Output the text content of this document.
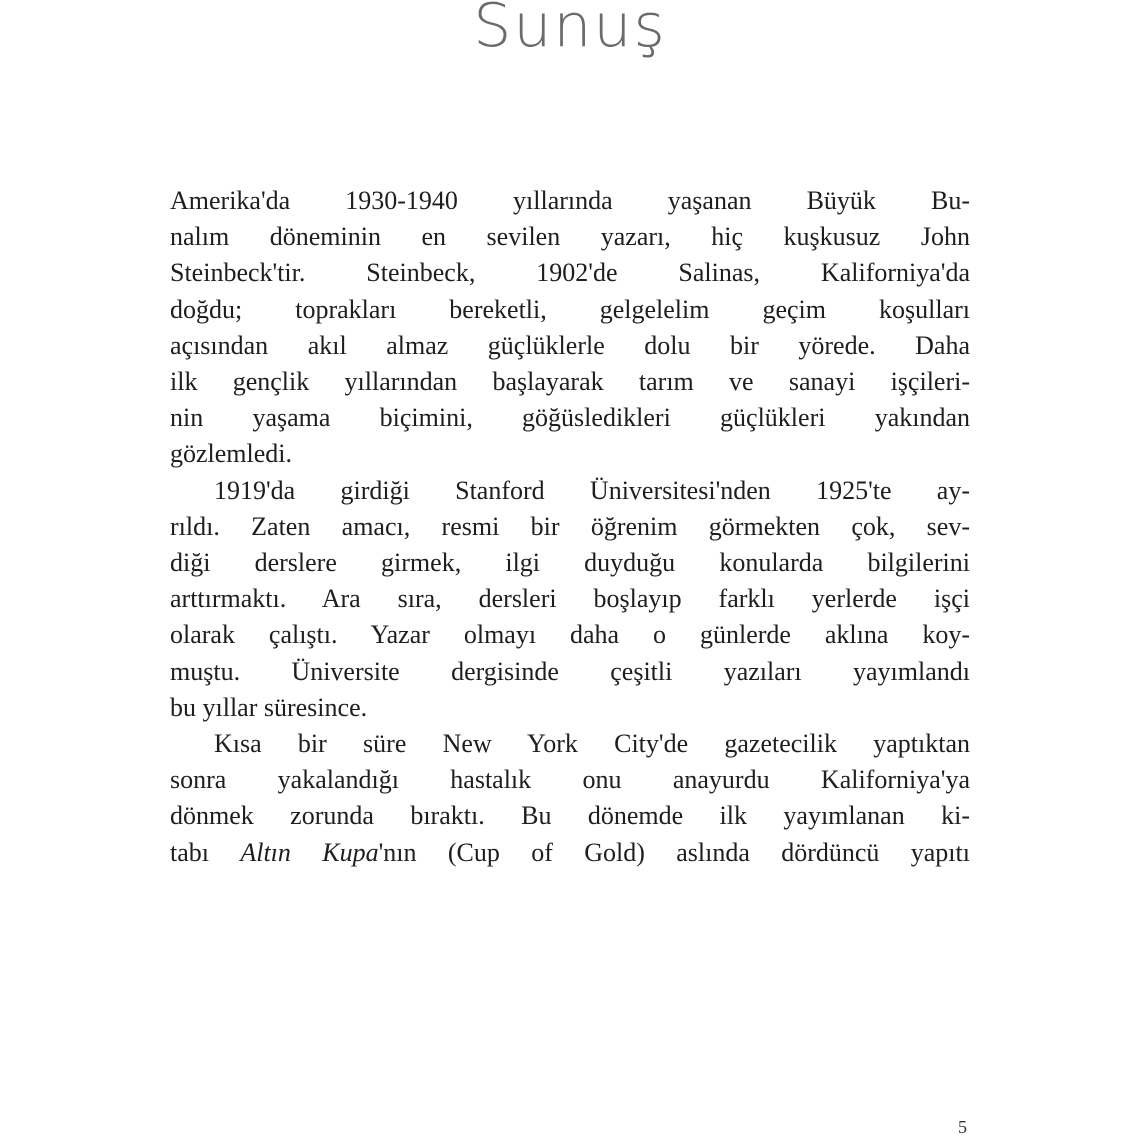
Sunuş

Amerika'da 1930-1940 yıllarında yaşanan Büyük Bu-
nalım döneminin en sevilen yazarı, hiç kuşkusuz John
Steinbeck'tir. Steinbeck, 1902'de Salinas, Kaliforniya'da
doğdu; toprakları bereketli, gelgelelim geçim koşulları
açısından akıl almaz güçlüklerle dolu bir yörede. Daha
ilk gençlik yıllarından başlayarak tarım ve sanayi işçileri-
nin yaşama biçimini, göğüsledikleri güçlükleri yakından
gözlemledi.

1919'da girdiği Stanford Üniversitesi'nden 1925'te ay-
rıldı. Zaten amacı, resmi bir öğrenim görmekten çok, sev-
diği derslere girmek, ilgi duyduğu konularda bilgilerini
arttırmaktı. Ara sıra, dersleri boşlayıp farklı yerlerde işçi
olarak çalıştı. Yazar olmayı daha o günlerde aklına koy-
muştu. Üniversite dergisinde çeşitli yazıları yayımlandı
bu yıllar süresince.

Kısa bir süre New York City'de gazetecilik yaptıktan
sonra yakalandığı hastalık onu anayurdu Kaliforniya'ya
dönmek zorunda bıraktı. Bu dönemde ilk yayımlanan ki-
tabı Altın Kupa'nın (Cup of Gold) aslında dördüncü yapıtı

5
